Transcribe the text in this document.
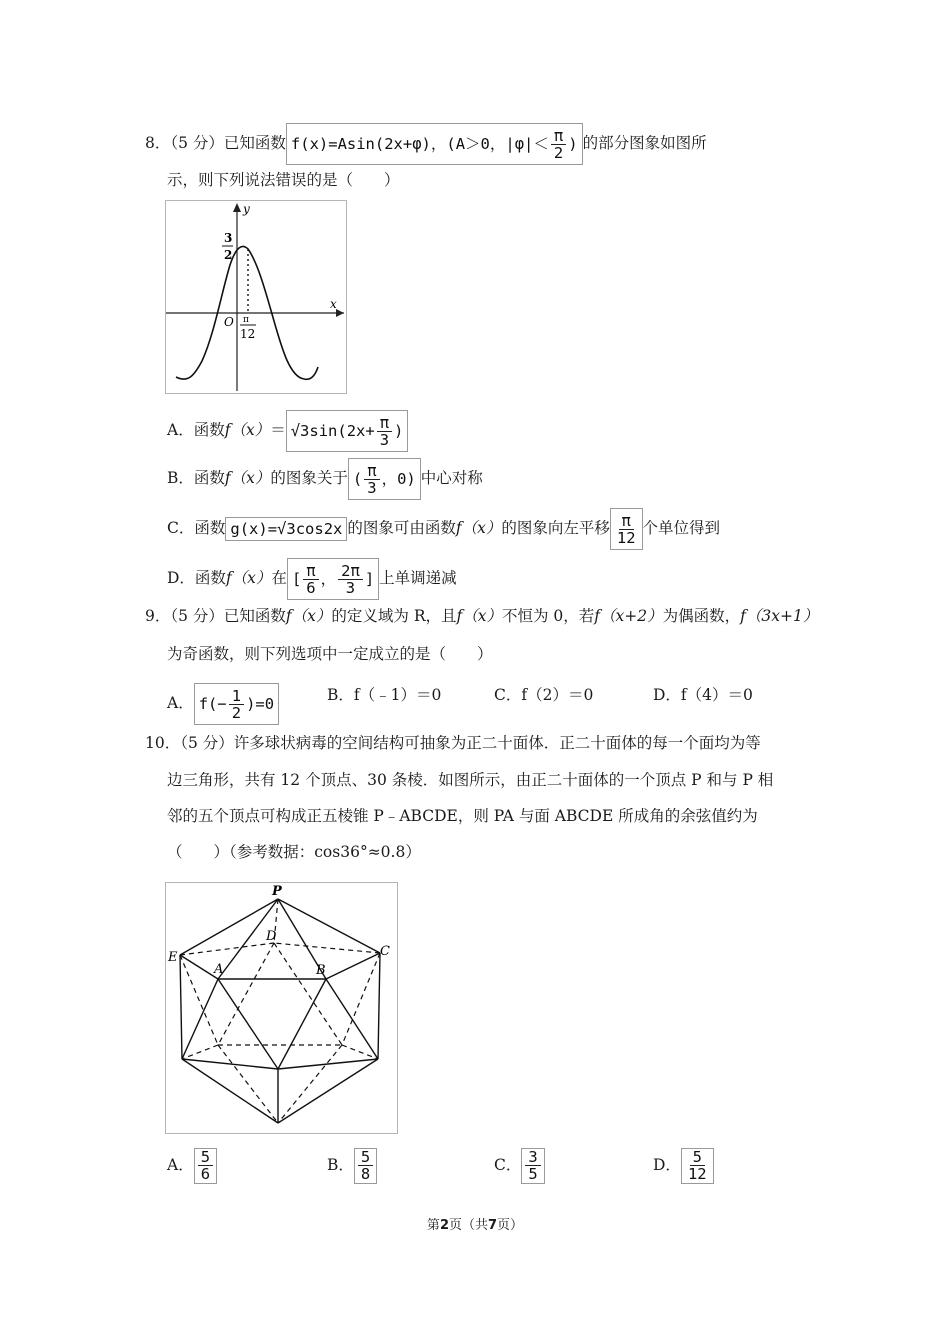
8．（5 分）已知函数 f(x)=Asin(2x+φ)，(A＞0，$|\varphi|< \frac{\pi}{2}$ ) 的部分图象如图所
示，则下列说法错误的是（　　）
y
x
O
3
2
π
12
A．函数$f(x)= √3\sin(2x+ \frac{\pi}{3}$ )
B．函数f（x）的图象关于 ( $\frac{\pi}{3}$ ，0) 中心对称
C．函数 g(x)=√3cos2x 的图象可由函数f（x）的图象向左平移 $\frac{\pi}{12}$ 个单位得到
D．函数f（x）在 [ $\frac{\pi}{6}$ ， $\frac{2\pi}{3}$ ] 上单调递减
9．（5 分）已知函数f（x）的定义域为 R，且f（x）不恒为 0，若f（x+2）为偶函数，f（3x+1）
为奇函数，则下列选项中一定成立的是（　　）
A． $f(- \frac{1}{2} )=0$	B．f（﹣1）＝0	C．f（2）＝0	D．f（4）＝0
10．（5 分）许多球状病毒的空间结构可抽象为正二十面体．正二十面体的每一个面均为等
边三角形，共有 12 个顶点、30 条棱．如图所示，由正二十面体的一个顶点 P 和与 P 相
邻的五个顶点可构成正五棱锥 P﹣ABCDE，则 PA 与面 ABCDE 所成角的余弦值约为
（　　）（参考数据：cos36°≈0.8）
P
D
E
A	B
C
A． $\frac{5}{6}$	B． $\frac{5}{8}$	C． $\frac{3}{5}$	D． $\frac{5}{12}$
第2页（共7页）
